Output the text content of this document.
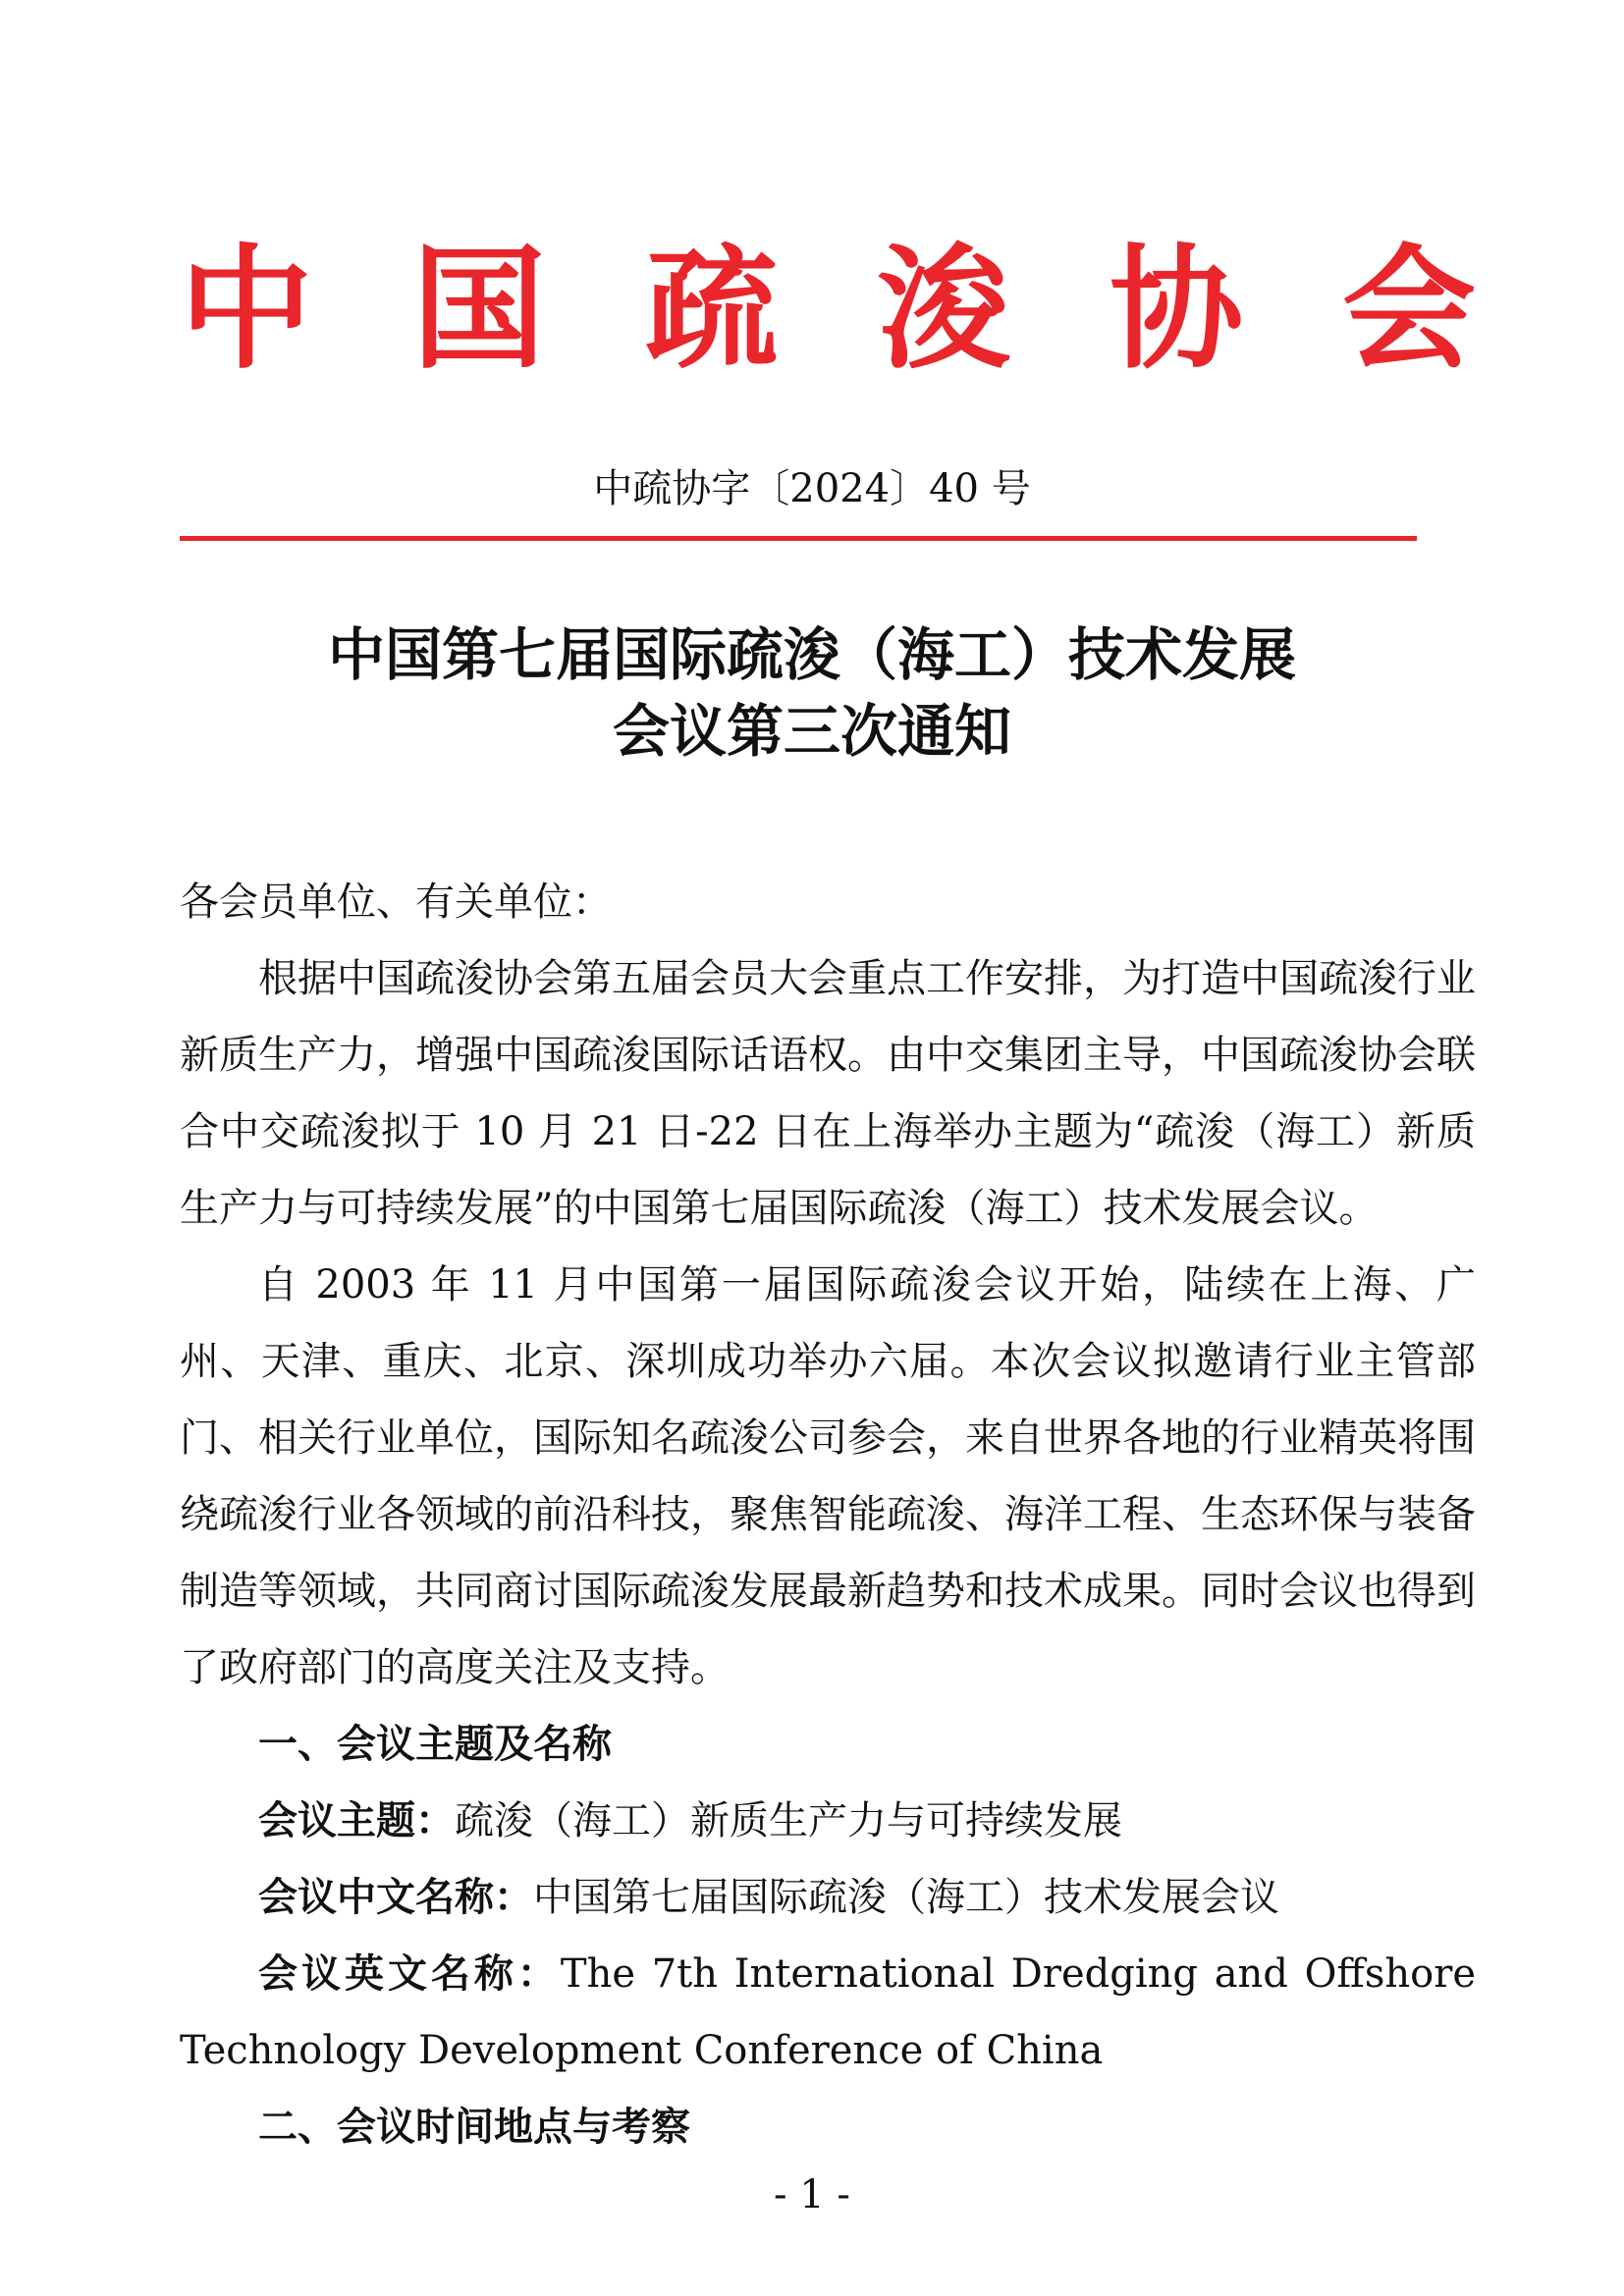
中 国 疏 浚 协 会
中疏协字〔2024〕40 号
中国第七届国际疏浚（海工）技术发展
会议第三次通知

各会员单位、有关单位：

根据中国疏浚协会第五届会员大会重点工作安排，为打造中国疏浚行业新质生产力，增强中国疏浚国际话语权。由中交集团主导，中国疏浚协会联合中交疏浚拟于 10 月 21 日-22 日在上海举办主题为“疏浚（海工）新质生产力与可持续发展”的中国第七届国际疏浚（海工）技术发展会议。

自 2003 年 11 月中国第一届国际疏浚会议开始，陆续在上海、广州、天津、重庆、北京、深圳成功举办六届。本次会议拟邀请行业主管部门、相关行业单位，国际知名疏浚公司参会，来自世界各地的行业精英将围绕疏浚行业各领域的前沿科技，聚焦智能疏浚、海洋工程、生态环保与装备制造等领域，共同商讨国际疏浚发展最新趋势和技术成果。同时会议也得到了政府部门的高度关注及支持。

一、会议主题及名称

会议主题：疏浚（海工）新质生产力与可持续发展

会议中文名称：中国第七届国际疏浚（海工）技术发展会议

会议英文名称：The 7th International Dredging and Offshore Technology Development Conference of China

二、会议时间地点与考察

- 1 -
